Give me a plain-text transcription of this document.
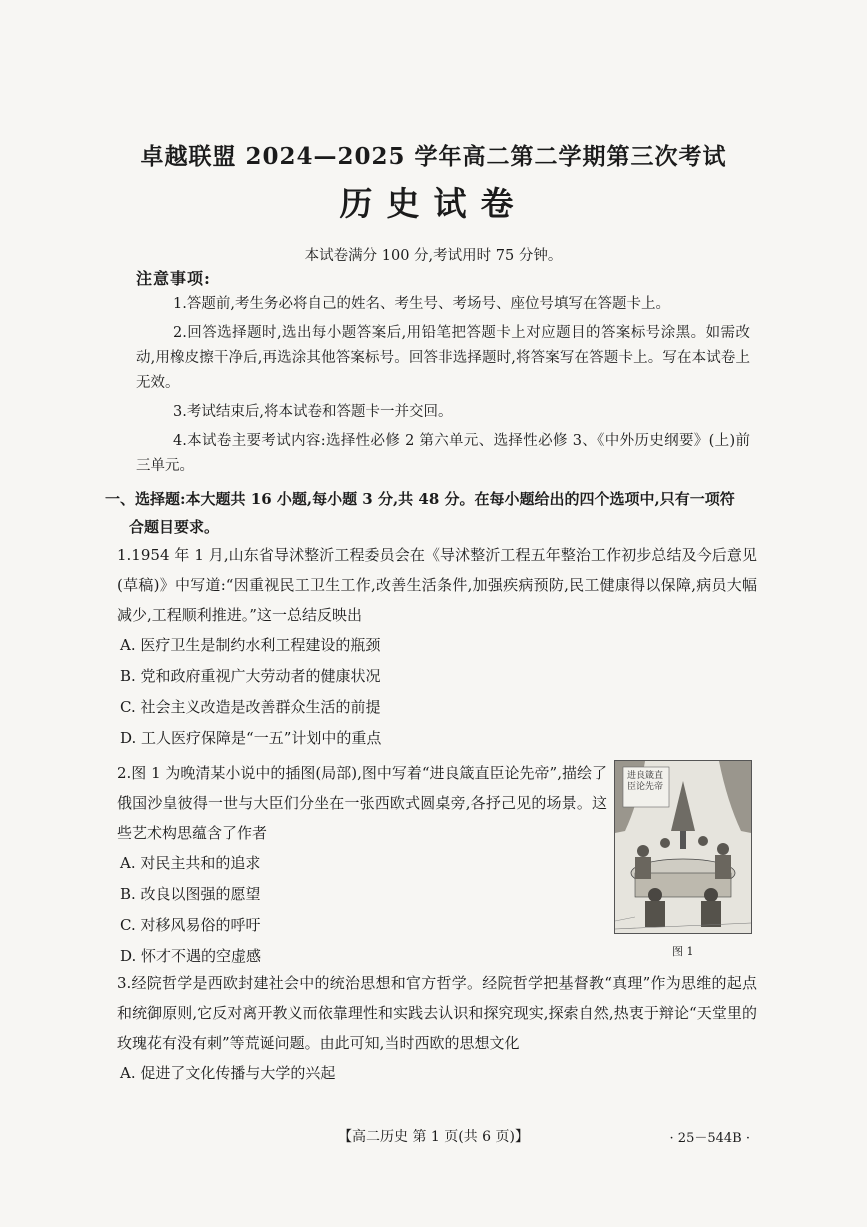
卓越联盟 2024—2025 学年高二第二学期第三次考试
历史试卷
本试卷满分 100 分,考试用时 75 分钟。
注意事项:

1.答题前,考生务必将自己的姓名、考生号、考场号、座位号填写在答题卡上。

2.回答选择题时,选出每小题答案后,用铅笔把答题卡上对应题目的答案标号涂黑。如需改动,用橡皮擦干净后,再选涂其他答案标号。回答非选择题时,将答案写在答题卡上。写在本试卷上无效。

3.考试结束后,将本试卷和答题卡一并交回。

4.本试卷主要考试内容:选择性必修 2 第六单元、选择性必修 3、《中外历史纲要》(上)前三单元。

一、选择题:本大题共 16 小题,每小题 3 分,共 48 分。在每小题给出的四个选项中,只有一项符
合题目要求。

1.1954 年 1 月,山东省导沭整沂工程委员会在《导沭整沂工程五年整治工作初步总结及今后意见(草稿)》中写道:“因重视民工卫生工作,改善生活条件,加强疾病预防,民工健康得以保障,病员大幅减少,工程顺利推进。”这一总结反映出

A. 医疗卫生是制约水利工程建设的瓶颈
B. 党和政府重视广大劳动者的健康状况
C. 社会主义改造是改善群众生活的前提
D. 工人医疗保障是“一五”计划中的重点

2.图 1 为晚清某小说中的插图(局部),图中写着“进良箴直臣论先帝”,描绘了俄国沙皇彼得一世与大臣们分坐在一张西欧式圆桌旁,各抒己见的场景。这些艺术构思蕴含了作者

A. 对民主共和的追求
B. 改良以图强的愿望
C. 对移风易俗的呼吁
D. 怀才不遇的空虚感
进良箴直臣论先帝
图 1

3.经院哲学是西欧封建社会中的统治思想和官方哲学。经院哲学把基督教“真理”作为思维的起点和统御原则,它反对离开教义而依靠理性和实践去认识和探究现实,探索自然,热衷于辩论“天堂里的玫瑰花有没有刺”等荒诞问题。由此可知,当时西欧的思想文化

A. 促进了文化传播与大学的兴起
【高二历史 第 1 页(共 6 页)】	· 25－544B ·
